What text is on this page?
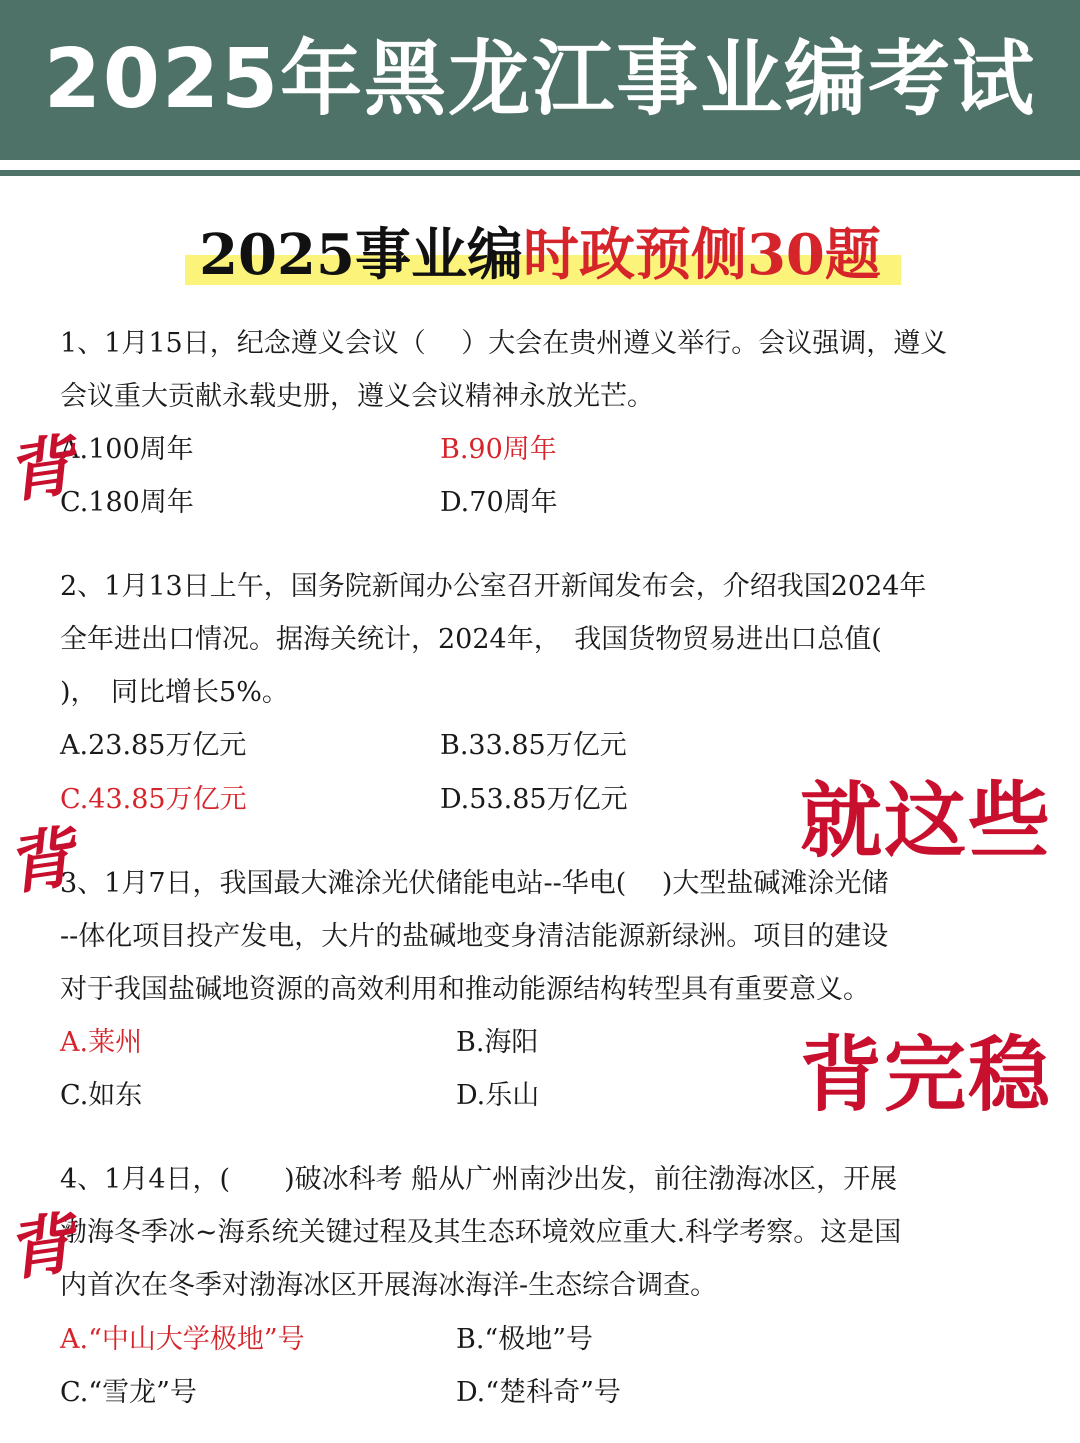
2025年黑龙江事业编考试
2025事业编时政预侧30题
1、1月15日，纪念遵义会议（　 ）大会在贵州遵义举行。会议强调，遵义
会议重大贡献永载史册，遵义会议精神永放光芒。
A.100周年	B.90周年
C.180周年	D.70周年
2、1月13日上午，国务院新闻办公室召开新闻发布会，介绍我国2024年
全年进出口情况。据海关统计，2024年，　我国货物贸易进出口总值(
)，　同比增长5%。
A.23.85万亿元	B.33.85万亿元
C.43.85万亿元	D.53.85万亿元
3、1月7日，我国最大滩涂光伏储能电站--华电(　 )大型盐碱滩涂光储
--体化项目投产发电，大片的盐碱地变身清洁能源新绿洲。项目的建设
对于我国盐碱地资源的高效利用和推动能源结构转型具有重要意义。
A.莱州	B.海阳
C.如东	D.乐山
4、1月4日，(　　)破冰科考 船从广州南沙出发，前往渤海冰区，开展
渤海冬季冰~海系统关键过程及其生态环境效应重大.科学考察。这是国
内首次在冬季对渤海冰区开展海冰海洋-生态综合调查。
A.“中山大学极地”号	B.“极地”号
C.“雪龙”号	D.“楚科奇”号
背
背
背
就这些
背完稳
